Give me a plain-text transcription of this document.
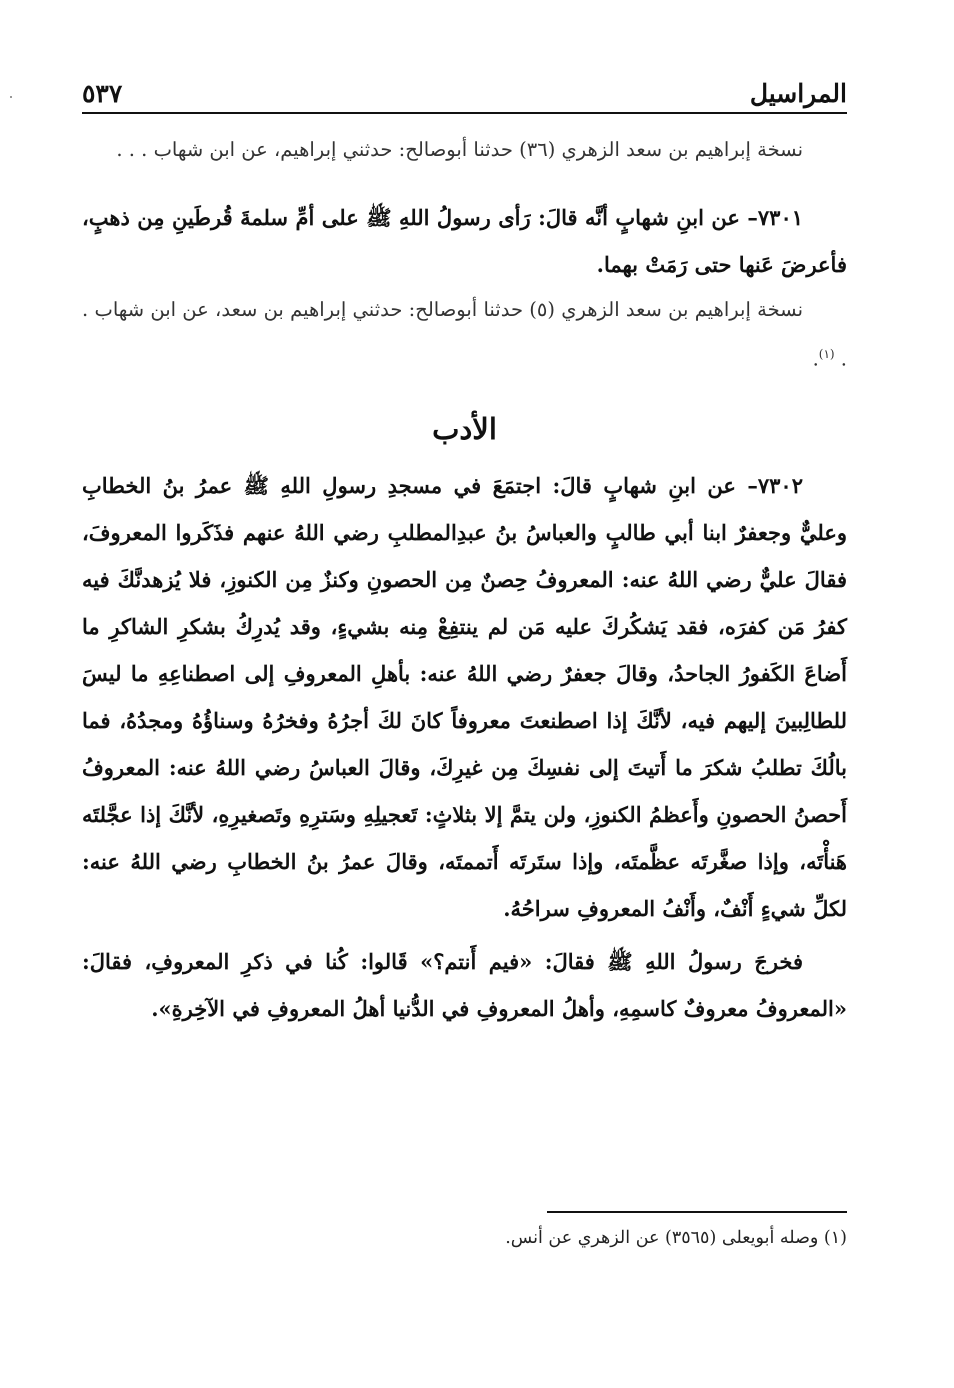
المراسيل
٥٣٧

نسخة إبراهيم بن سعد الزهري (٣٦) حدثنا أبوصالح: حدثني إبراهيم، عن ابن شهاب . . .

٧٣٠١– عن ابنِ شهابٍ أنَّه قالَ: رَأى رسولُ اللهِ ﷺ على أمِّ سلمةَ قُرطَينِ مِن ذهبٍ، فأعرضَ عَنها حتى رَمَتْ بهما.

نسخة إبراهيم بن سعد الزهري (٥) حدثنا أبوصالح: حدثني إبراهيم بن سعد، عن ابن شهاب . . $^{(١)}$.

الأدب

٧٣٠٢– عن ابنِ شهابٍ قالَ: اجتمَعَ في مسجدِ رسولِ اللهِ ﷺ عمرُ بنُ الخطابِ وعليٌّ وجعفرٌ ابنا أبي طالبٍ والعباسُ بنُ عبدِالمطلبِ رضي اللهُ عنهم فذَكَروا المعروفَ، فقالَ عليٌّ رضي اللهُ عنه: المعروفُ حِصنٌ مِن الحصونِ وكنزٌ مِن الكنوزِ، فلا يُزهدنَّكَ فيه كفرُ مَن كفرَه، فقد يَشكُركَ عليه مَن لم ينتفِعْ مِنه بشيءٍ، وقد يُدرِكُ بشكرِ الشاكرِ ما أَضاعَ الكَفورُ الجاحدُ، وقالَ جعفرٌ رضي اللهُ عنه: بأهلِ المعروفِ إلى اصطناعِهِ ما ليسَ للطالِبينَ إليهم فيه، لأنَّكَ إذا اصطنعتَ معروفاً كانَ لكَ أجرُهُ وفخرُهُ وسناؤُهُ ومجدُهُ، فما بالُكَ تطلبُ شكرَ ما أَتيتَ إلى نفسِكَ مِن غيرِكَ، وقالَ العباسُ رضي اللهُ عنه: المعروفُ أَحصنُ الحصونِ وأَعظمُ الكنوزِ، ولن يتمَّ إلا بثلاثٍ: تَعجيلِهِ وسَترِهِ وتَصغيرِهِ، لأنَّكَ إذا عجَّلتَه هَنأْتَه، وإذا صغَّرتَه عظَّمتَه، وإذا ستَرتَه أَتممتَه، وقالَ عمرُ بنُ الخطابِ رضي اللهُ عنه: لكلِّ شيءٍ أَنْفٌ، وأَنْفُ المعروفِ سراحُهُ.

فخرجَ رسولُ اللهِ ﷺ فقالَ: «فيم أَنتم؟» قَالوا: كُنا في ذكرِ المعروفِ، فقالَ: «المعروفُ معروفٌ كاسمِهِ، وأهلُ المعروفِ في الدُّنيا أهلُ المعروفِ في الآخِرةِ».

(١) وصله أبويعلى (٣٥٦٥) عن الزهري عن أنس.
